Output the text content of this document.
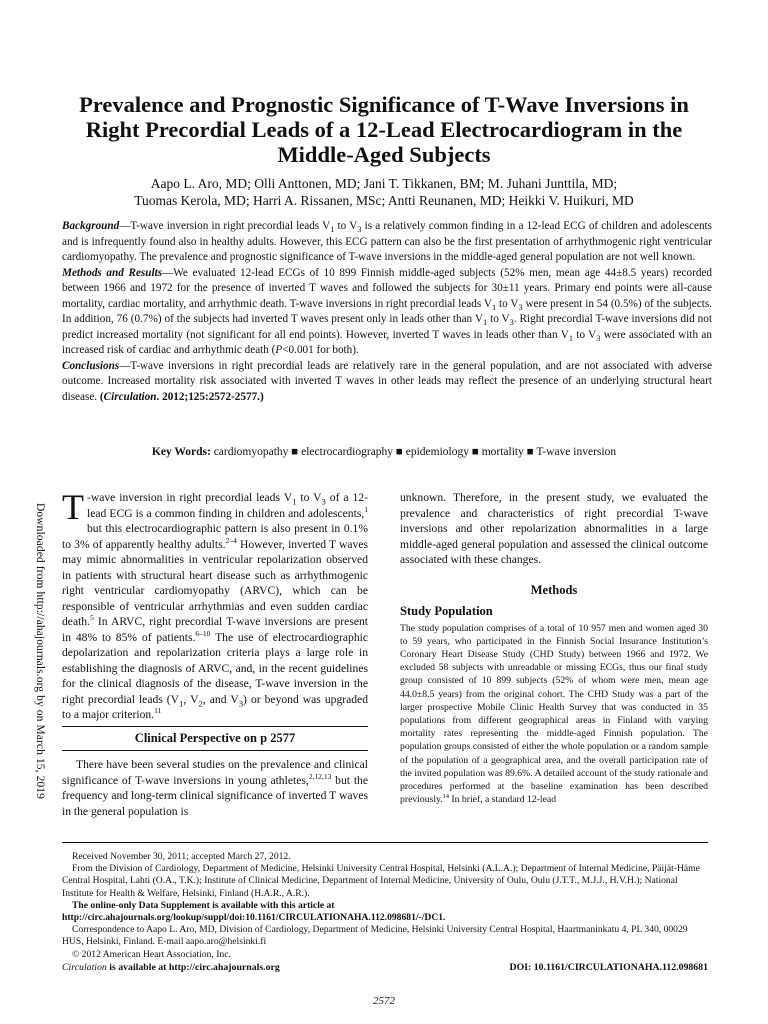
Prevalence and Prognostic Significance of T-Wave Inversions in Right Precordial Leads of a 12-Lead Electrocardiogram in the Middle-Aged Subjects
Aapo L. Aro, MD; Olli Anttonen, MD; Jani T. Tikkanen, BM; M. Juhani Junttila, MD;
Tuomas Kerola, MD; Harri A. Rissanen, MSc; Antti Reunanen, MD; Heikki V. Huikuri, MD

Background—T-wave inversion in right precordial leads $V_1$ to $V_3$ is a relatively common finding in a 12-lead ECG of children and adolescents and is infrequently found also in healthy adults. However, this ECG pattern can also be the first presentation of arrhythmogenic right ventricular cardiomyopathy. The prevalence and prognostic significance of T-wave inversions in the middle-aged general population are not well known.

Methods and Results—We evaluated 12-lead ECGs of 10 899 Finnish middle-aged subjects (52% men, mean age 44±8.5 years) recorded between 1966 and 1972 for the presence of inverted T waves and followed the subjects for 30±11 years. Primary end points were all-cause mortality, cardiac mortality, and arrhythmic death. T-wave inversions in right precordial leads $V_1$ to $V_3$ were present in 54 (0.5%) of the subjects. In addition, 76 (0.7%) of the subjects had inverted T waves present only in leads other than $V_1$ to $V_3$. Right precordial T-wave inversions did not predict increased mortality (not significant for all end points). However, inverted T waves in leads other than $V_1$ to $V_3$ were associated with an increased risk of cardiac and arrhythmic death (P<0.001 for both).

Conclusions—T-wave inversions in right precordial leads are relatively rare in the general population, and are not associated with adverse outcome. Increased mortality risk associated with inverted T waves in other leads may reflect the presence of an underlying structural heart disease. (Circulation. 2012;125:2572-2577.)

Key Words: cardiomyopathy ■ electrocardiography ■ epidemiology ■ mortality ■ T-wave inversion
Downloaded from http://ahajournals.org by on March 15, 2019 T -wave inversion in right precordial leads $V_1$ to $V_3$ of a 12-lead ECG is a common finding in children and adolescents,$^1$ but this electrocardiographic pattern is also present in 0.1% to 3% of apparently healthy adults.$^{2-4}$ However, inverted T waves may mimic abnormalities in ventricular repolarization observed in patients with structural heart disease such as arrhythmogenic right ventricular cardiomyopathy (ARVC), which can be responsible of ventricular arrhythmias and even sudden cardiac death.$^5$ In ARVC, right precordial T-wave inversions are present in 48% to 85% of patients.$^{6-10}$ The use of electrocardiographic depolarization and repolarization criteria plays a large role in establishing the diagnosis of ARVC, and, in the recent guidelines for the clinical diagnosis of the disease, T-wave inversion in the right precordial leads ($V_1$, $V_2$, and $V_3$) or beyond was upgraded to a major criterion.$^{11}$

Clinical Perspective on p 2577

There have been several studies on the prevalence and clinical significance of T-wave inversions in young athletes,$^{2,12,13}$ but the frequency and long-term clinical significance of inverted T waves in the general population is

unknown. Therefore, in the present study, we evaluated the prevalence and characteristics of right precordial T-wave inversions and other repolarization abnormalities in a large middle-aged general population and assessed the clinical outcome associated with these changes.

Methods
Study Population

The study population comprises of a total of 10 957 men and women aged 30 to 59 years, who participated in the Finnish Social Insurance Institution’s Coronary Heart Disease Study (CHD Study) between 1966 and 1972. We excluded 58 subjects with unreadable or missing ECGs, thus our final study group consisted of 10 899 subjects (52% of whom were men, mean age 44.0±8.5 years) from the original cohort. The CHD Study was a part of the larger prospective Mobile Clinic Health Survey that was conducted in 35 populations from different geographical areas in Finland with varying mortality rates representing the middle-aged Finnish population. The population groups consisted of either the whole population or a random sample of the population of a geographical area, and the overall participation rate of the invited population was 89.6%. A detailed account of the study rationale and procedures performed at the baseline examination has been described previously.$^{14}$ In brief, a standard 12-lead

Received November 30, 2011; accepted March 27, 2012.

From the Division of Cardiology, Department of Medicine, Helsinki University Central Hospital, Helsinki (A.L.A.); Department of Internal Medicine, Päijät-Häme Central Hospital, Lahti (O.A., T.K.); Institute of Clinical Medicine, Department of Internal Medicine, University of Oulu, Oulu (J.T.T., M.J.J., H.V.H.); National Institute for Health & Welfare, Helsinki, Finland (H.A.R., A.R.).

The online-only Data Supplement is available with this article at http://circ.ahajournals.org/lookup/suppl/doi:10.1161/CIRCULATIONAHA.112.098681/-/DC1.

Correspondence to Aapo L. Aro, MD, Division of Cardiology, Department of Medicine, Helsinki University Central Hospital, Haartmaninkatu 4, PL 340, 00029 HUS, Helsinki, Finland. E-mail aapo.aro@helsinki.fi

© 2012 American Heart Association, Inc.

Circulation is available at http://circ.ahajournals.org	DOI: 10.1161/CIRCULATIONAHA.112.098681
2572
